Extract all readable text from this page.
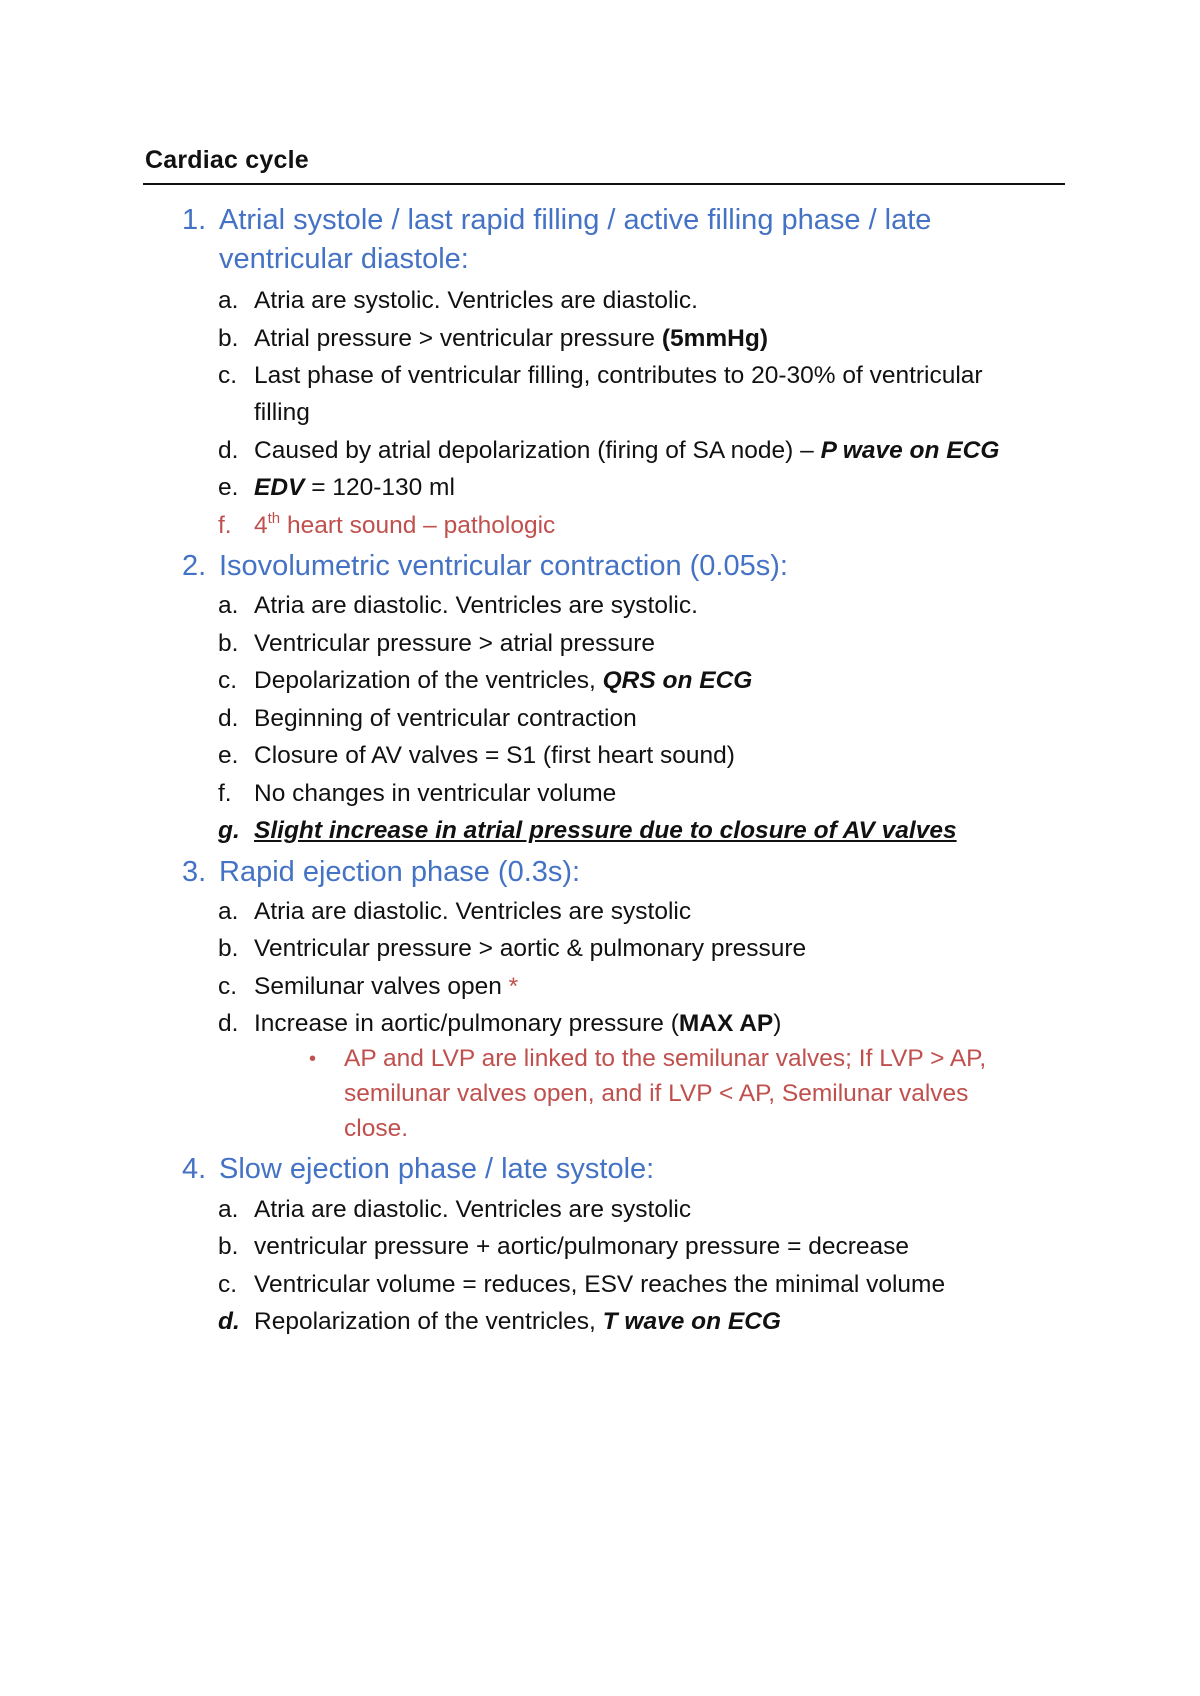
Cardiac cycle
1. Atrial systole / last rapid filling / active filling phase / late
ventricular diastole:
a. Atria are systolic. Ventricles are diastolic.
b. Atrial pressure > ventricular pressure (5mmHg)
c. Last phase of ventricular filling, contributes to 20-30% of ventricular
filling
d. Caused by atrial depolarization (firing of SA node) – P wave on ECG
e. EDV = 120-130 ml
f. 4th heart sound – pathologic
2. Isovolumetric ventricular contraction (0.05s):
a. Atria are diastolic. Ventricles are systolic.
b. Ventricular pressure > atrial pressure
c. Depolarization of the ventricles, QRS on ECG
d. Beginning of ventricular contraction
e. Closure of AV valves = S1 (first heart sound)
f. No changes in ventricular volume
g. Slight increase in atrial pressure due to closure of AV valves
3. Rapid ejection phase (0.3s):
a. Atria are diastolic. Ventricles are systolic
b. Ventricular pressure > aortic & pulmonary pressure
c. Semilunar valves open *
d. Increase in aortic/pulmonary pressure (MAX AP)
• AP and LVP are linked to the semilunar valves; If LVP > AP,
semilunar valves open, and if LVP < AP, Semilunar valves
close.
4. Slow ejection phase / late systole:
a. Atria are diastolic. Ventricles are systolic
b. ventricular pressure + aortic/pulmonary pressure = decrease
c. Ventricular volume = reduces, ESV reaches the minimal volume
d. Repolarization of the ventricles, T wave on ECG
